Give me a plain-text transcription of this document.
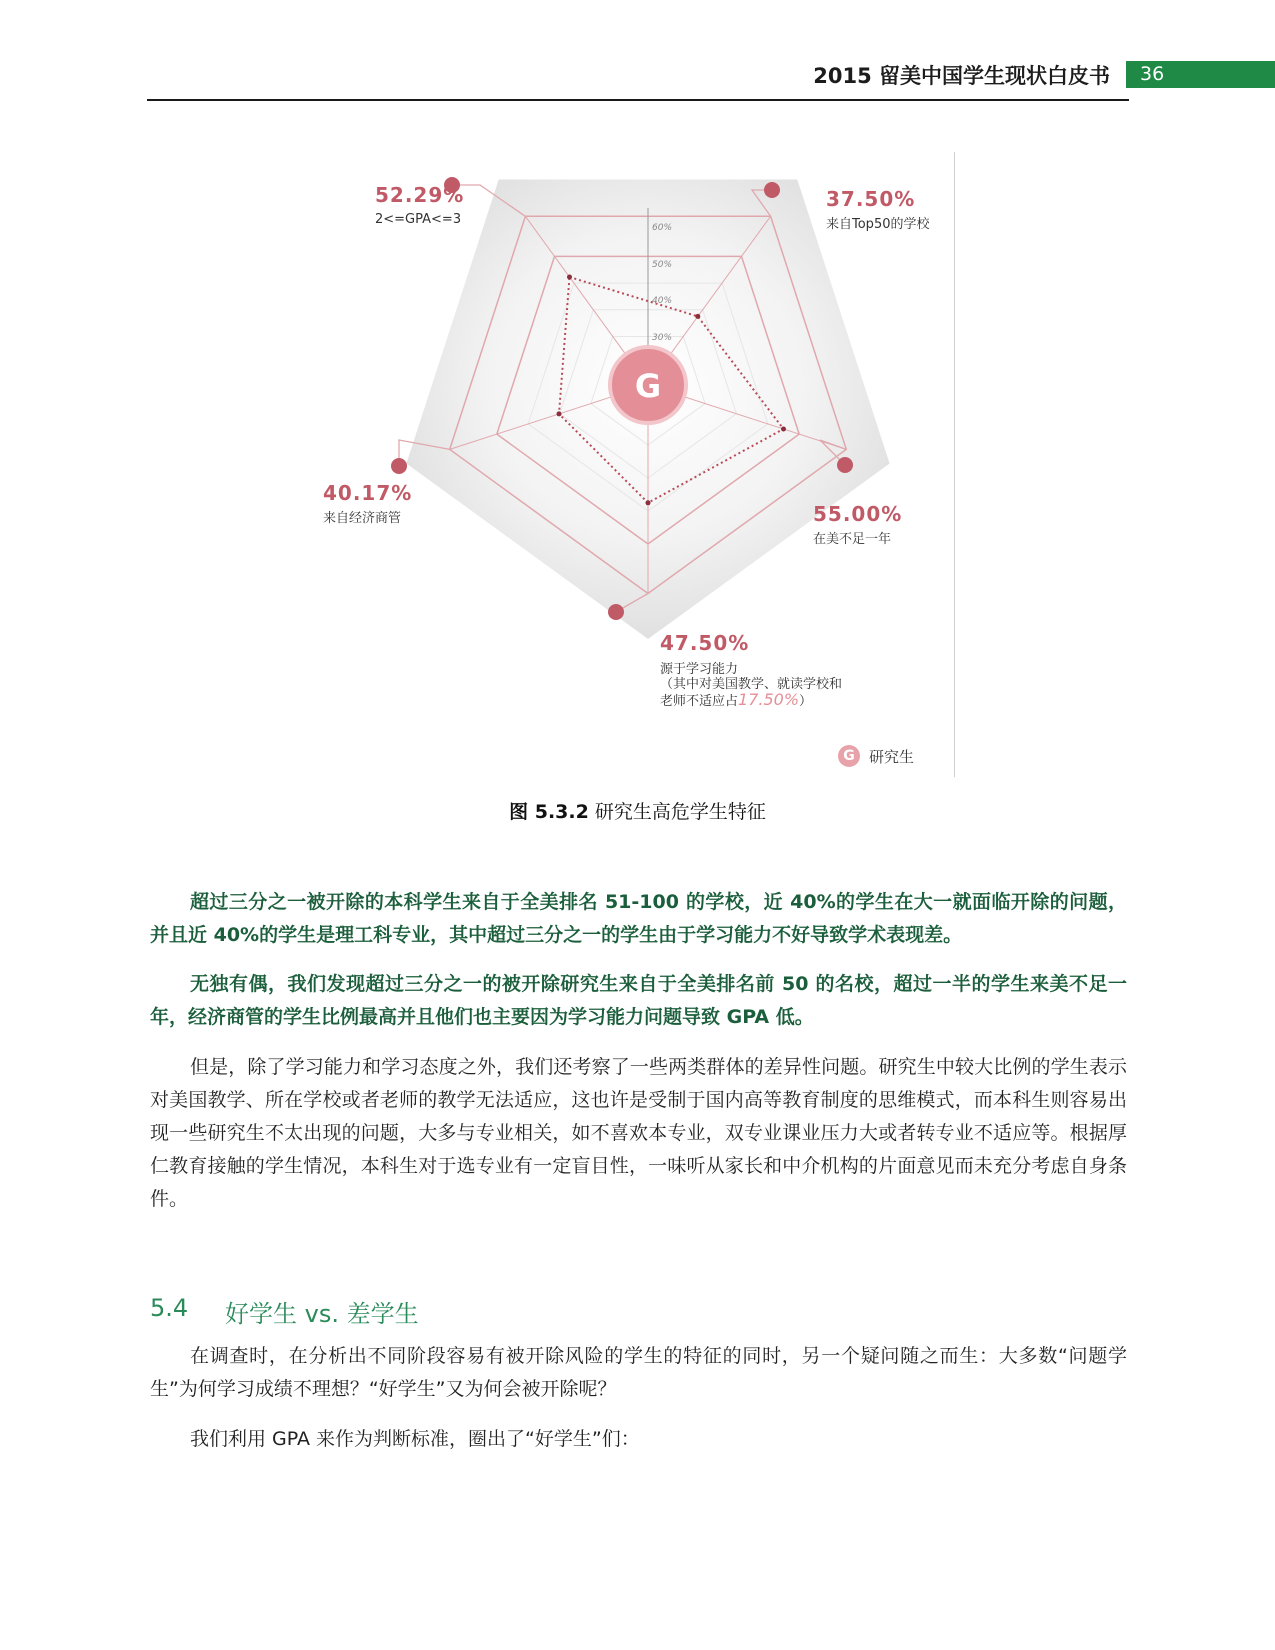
2015 留美中国学生现状白皮书 36
60%
50%
40%
30%
G
52.29%
2<=GPA<=3
37.50%
来自Top50的学校
55.00%
在美不足一年
47.50%
源于学习能力
（其中对美国教学、就读学校和
老师不适应占17.50%）
40.17%
来自经济商管
G 研究生
图 5.3.2 研究生高危学生特征
超过三分之一被开除的本科学生来自于全美排名 51-100 的学校，近 40%的学生在大一就面临开除的问题，并且近 40%的学生是理工科专业，其中超过三分之一的学生由于学习能力不好导致学术表现差。
无独有偶，我们发现超过三分之一的被开除研究生来自于全美排名前 50 的名校，超过一半的学生来美不足一年，经济商管的学生比例最高并且他们也主要因为学习能力问题导致 GPA 低。
但是，除了学习能力和学习态度之外，我们还考察了一些两类群体的差异性问题。研究生中较大比例的学生表示对美国教学、所在学校或者老师的教学无法适应，这也许是受制于国内高等教育制度的思维模式，而本科生则容易出现一些研究生不太出现的问题，大多与专业相关，如不喜欢本专业，双专业课业压力大或者转专业不适应等。根据厚仁教育接触的学生情况，本科生对于选专业有一定盲目性，一味听从家长和中介机构的片面意见而未充分考虑自身条件。
5.4 好学生 vs. 差学生
在调查时，在分析出不同阶段容易有被开除风险的学生的特征的同时，另一个疑问随之而生：大多数“问题学生”为何学习成绩不理想？“好学生”又为何会被开除呢？
我们利用 GPA 来作为判断标准，圈出了“好学生”们：
